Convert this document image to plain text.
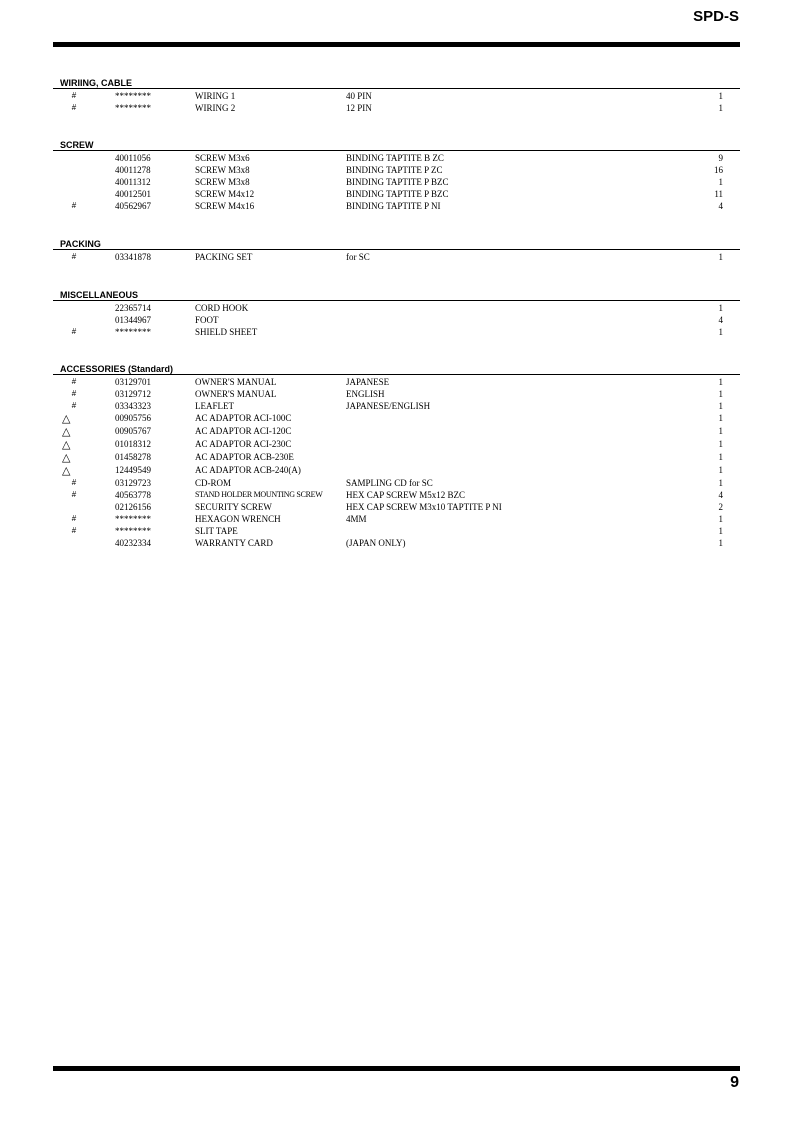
SPD-S
WIRIING, CABLE
#	********	WIRING 1	40 PIN	1
#	********	WIRING 2	12 PIN	1
SCREW
40011056	SCREW M3x6	BINDING TAPTITE B ZC	9
40011278	SCREW M3x8	BINDING TAPTITE P ZC	16
40011312	SCREW M3x8	BINDING TAPTITE P BZC	1
40012501	SCREW M4x12	BINDING TAPTITE P BZC	11
#	40562967	SCREW M4x16	BINDING TAPTITE P NI	4
PACKING
#	03341878	PACKING SET	for SC	1
MISCELLANEOUS
22365714	CORD HOOK	1
01344967	FOOT	4
#	********	SHIELD SHEET	1
ACCESSORIES (Standard)
#	03129701	OWNER'S MANUAL	JAPANESE	1
#	03129712	OWNER'S MANUAL	ENGLISH	1
#	03343323	LEAFLET	JAPANESE/ENGLISH	1
△	00905756	AC ADAPTOR ACI-100C	1
△	00905767	AC ADAPTOR ACI-120C	1
△	01018312	AC ADAPTOR ACI-230C	1
△	01458278	AC ADAPTOR ACB-230E	1
△	12449549	AC ADAPTOR ACB-240(A)	1
#	03129723	CD-ROM	SAMPLING CD for SC	1
#	40563778	STAND HOLDER MOUNTING SCREW	HEX CAP SCREW M5x12 BZC	4
02126156	SECURITY SCREW	HEX CAP SCREW M3x10 TAPTITE P NI	2
#	********	HEXAGON WRENCH	4MM	1
#	********	SLIT TAPE	1
40232334	WARRANTY CARD	(JAPAN ONLY)	1
9
